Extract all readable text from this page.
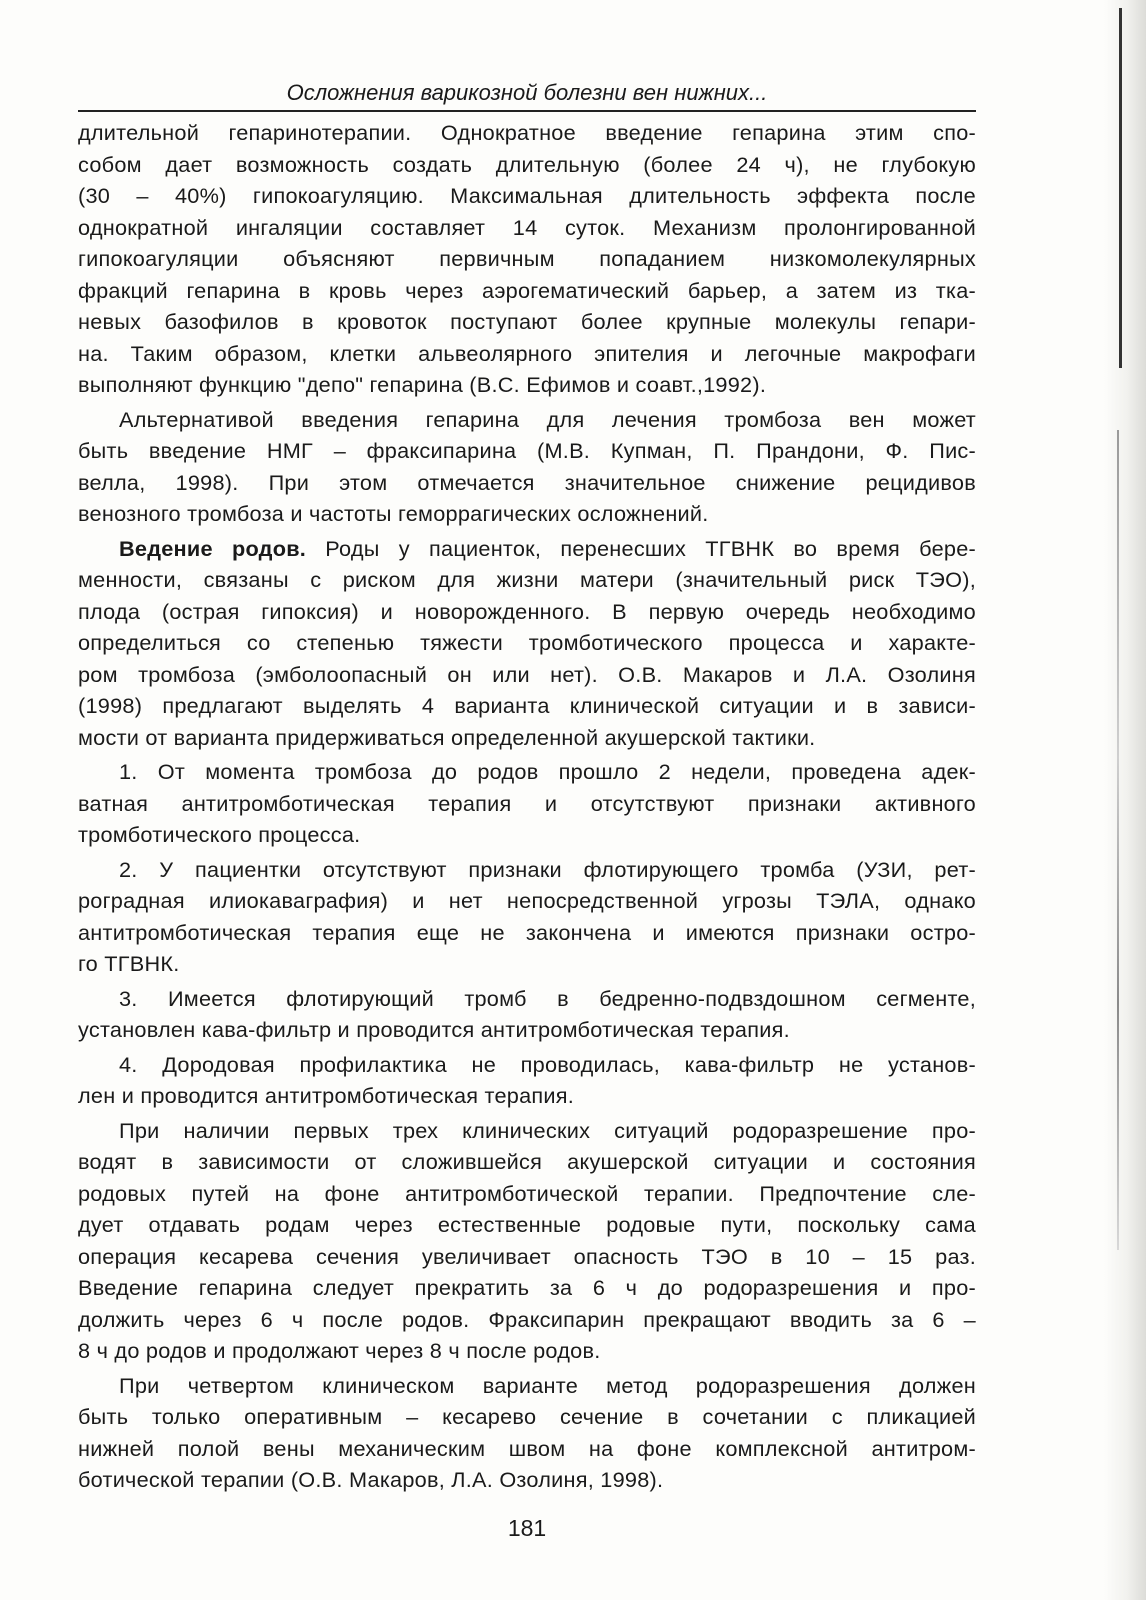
Осложнения варикозной болезни вен нижних...

длительной гепаринотерапии. Однократное введение гепарина этим спо-
собом дает возможность создать длительную (более 24 ч), не глубокую
(30 – 40%) гипокоагуляцию. Максимальная длительность эффекта после
однократной ингаляции составляет 14 суток. Механизм пролонгированной
гипокоагуляции объясняют первичным попаданием низкомолекулярных
фракций гепарина в кровь через аэрогематический барьер, а затем из тка-
невых базофилов в кровоток поступают более крупные молекулы гепари-
на. Таким образом, клетки альвеолярного эпителия и легочные макрофаги
выполняют функцию "депо" гепарина (В.С. Ефимов и соавт.,1992).

Альтернативой введения гепарина для лечения тромбоза вен может
быть введение НМГ – фраксипарина (М.В. Купман, П. Прандони, Ф. Пис-
велла, 1998). При этом отмечается значительное снижение рецидивов
венозного тромбоза и частоты геморрагических осложнений.

Ведение родов. Роды у пациенток, перенесших ТГВНК во время бере-
менности, связаны с риском для жизни матери (значительный риск ТЭО),
плода (острая гипоксия) и новорожденного. В первую очередь необходимо
определиться со степенью тяжести тромботического процесса и характе-
ром тромбоза (эмболоопасный он или нет). О.В. Макаров и Л.А. Озолиня
(1998) предлагают выделять 4 варианта клинической ситуации и в зависи-
мости от варианта придерживаться определенной акушерской тактики.

1. От момента тромбоза до родов прошло 2 недели, проведена адек-
ватная антитромботическая терапия и отсутствуют признаки активного
тромботического процесса.

2. У пациентки отсутствуют признаки флотирующего тромба (УЗИ, рет-
роградная илиокаваграфия) и нет непосредственной угрозы ТЭЛА, однако
антитромботическая терапия еще не закончена и имеются признаки остро-
го ТГВНК.

3. Имеется флотирующий тромб в бедренно-подвздошном сегменте,
установлен кава-фильтр и проводится антитромботическая терапия.

4. Дородовая профилактика не проводилась, кава-фильтр не установ-
лен и проводится антитромботическая терапия.

При наличии первых трех клинических ситуаций родоразрешение про-
водят в зависимости от сложившейся акушерской ситуации и состояния
родовых путей на фоне антитромботической терапии. Предпочтение сле-
дует отдавать родам через естественные родовые пути, поскольку сама
операция кесарева сечения увеличивает опасность ТЭО в 10 – 15 раз.
Введение гепарина следует прекратить за 6 ч до родоразрешения и про-
должить через 6 ч после родов. Фраксипарин прекращают вводить за 6 –
8 ч до родов и продолжают через 8 ч после родов.

При четвертом клиническом варианте метод родоразрешения должен
быть только оперативным – кесарево сечение в сочетании с пликацией
нижней полой вены механическим швом на фоне комплексной антитром-
ботической терапии (О.В. Макаров, Л.А. Озолиня, 1998).

181
